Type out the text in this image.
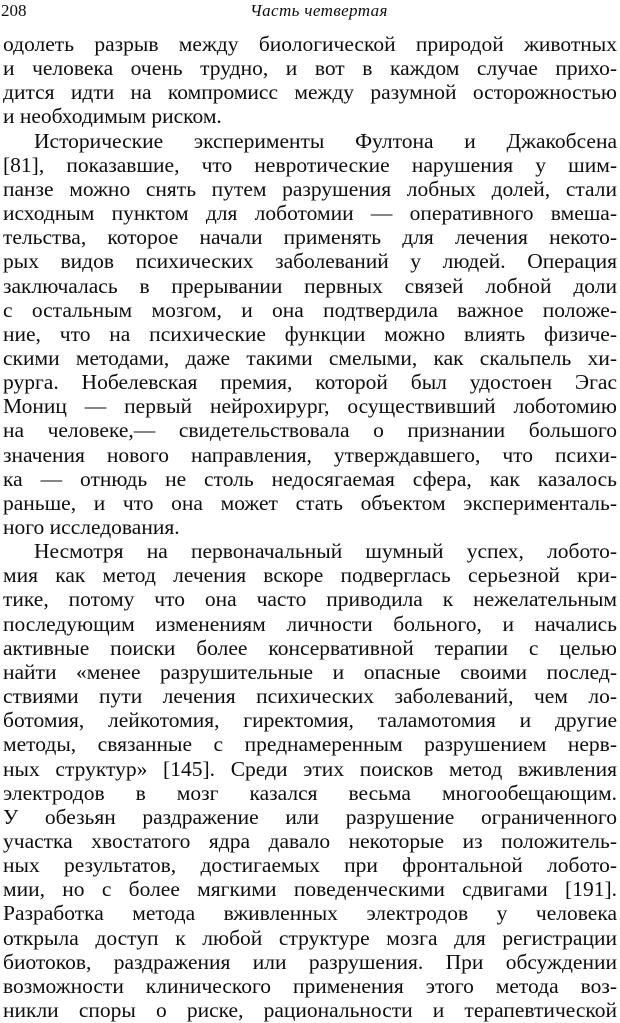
208	Часть четвертая
одолеть разрыв между биологической природой животных
и человека очень трудно, и вот в каждом случае прихо-
дится идти на компромисс между разумной осторожностью
и необходимым риском.
Исторические эксперименты Фултона и Джакобсена
[81], показавшие, что невротические нарушения у шим-
панзе можно снять путем разрушения лобных долей, стали
исходным пунктом для лоботомии — оперативного вмеша-
тельства, которое начали применять для лечения некото-
рых видов психических заболеваний у людей. Операция
заключалась в прерывании первных связей лобной доли
с остальным мозгом, и она подтвердила важное положе-
ние, что на психические функции можно влиять физиче-
скими методами, даже такими смелыми, как скальпель хи-
рурга. Нобелевская премия, которой был удостоен Эгас
Мониц — первый нейрохирург, осуществивший лоботомию
на человеке,— свидетельствовала о признании большого
значения нового направления, утверждавшего, что психи-
ка — отнюдь не столь недосягаемая сфера, как казалось
раньше, и что она может стать объектом эксперименталь-
ного исследования.
Несмотря на первоначальный шумный успех, лобото-
мия как метод лечения вскоре подверглась серьезной кри-
тике, потому что она часто приводила к нежелательным
последующим изменениям личности больного, и начались
активные поиски более консервативной терапии с целью
найти «менее разрушительные и опасные своими послед-
ствиями пути лечения психических заболеваний, чем ло-
ботомия, лейкотомия, гиректомия, таламотомия и другие
методы, связанные с преднамеренным разрушением нерв-
ных структур» [145]. Среди этих поисков метод вживления
электродов в мозг казался весьма многообещающим.
У обезьян раздражение или разрушение ограниченного
участка хвостатого ядра давало некоторые из положитель-
ных результатов, достигаемых при фронтальной лобото-
мии, но с более мягкими поведенческими сдвигами [191].
Разработка метода вживленных электродов у человека
открыла доступ к любой структуре мозга для регистрации
биотоков, раздражения или разрушения. При обсуждении
возможности клинического применения этого метода воз-
никли споры о риске, рациональности и терапевтической
